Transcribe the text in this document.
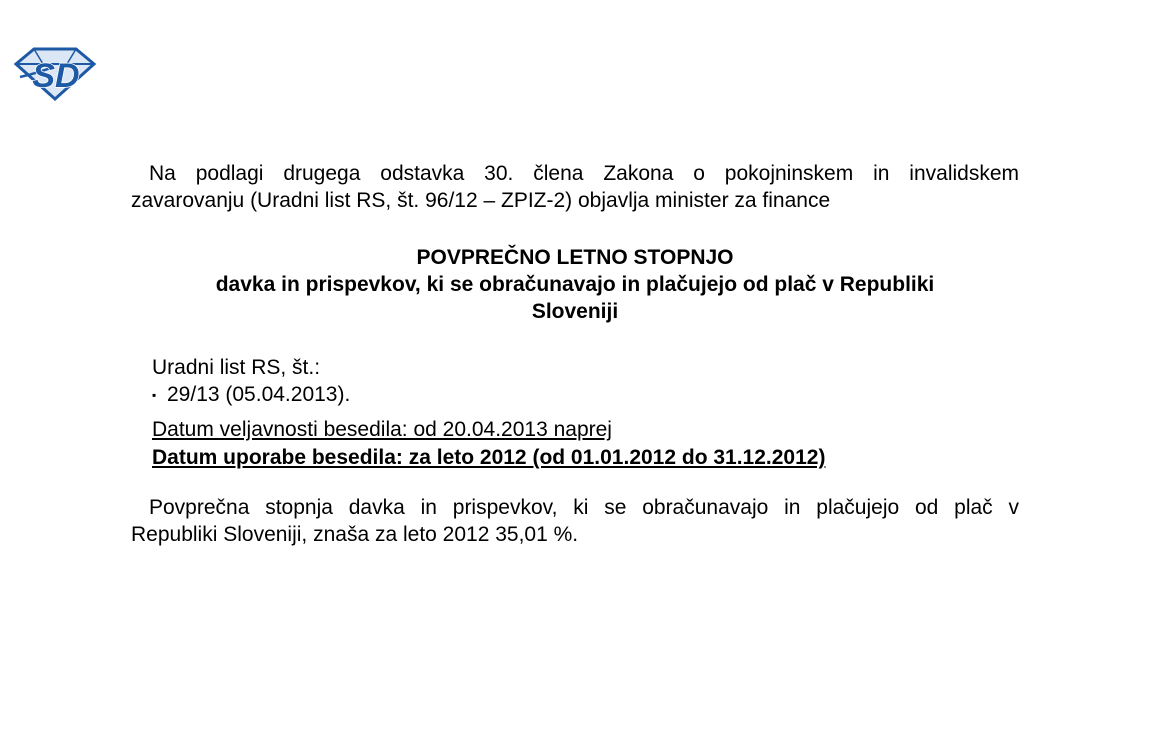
SD
Na podlagi drugega odstavka 30. člena Zakona o pokojninskem in invalidskem
zavarovanju (Uradni list RS, št. 96/12 – ZPIZ-2) objavlja minister za finance
POVPREČNO LETNO STOPNJO
davka in prispevkov, ki se obračunavajo in plačujejo od plač v Republiki
Sloveniji
Uradni list RS, št.:
▪ 29/13 (05.04.2013).
Datum veljavnosti besedila: od 20.04.2013 naprej
Datum uporabe besedila: za leto 2012 (od 01.01.2012 do 31.12.2012)
Povprečna stopnja davka in prispevkov, ki se obračunavajo in plačujejo od plač v
Republiki Sloveniji, znaša za leto 2012 35,01 %.
